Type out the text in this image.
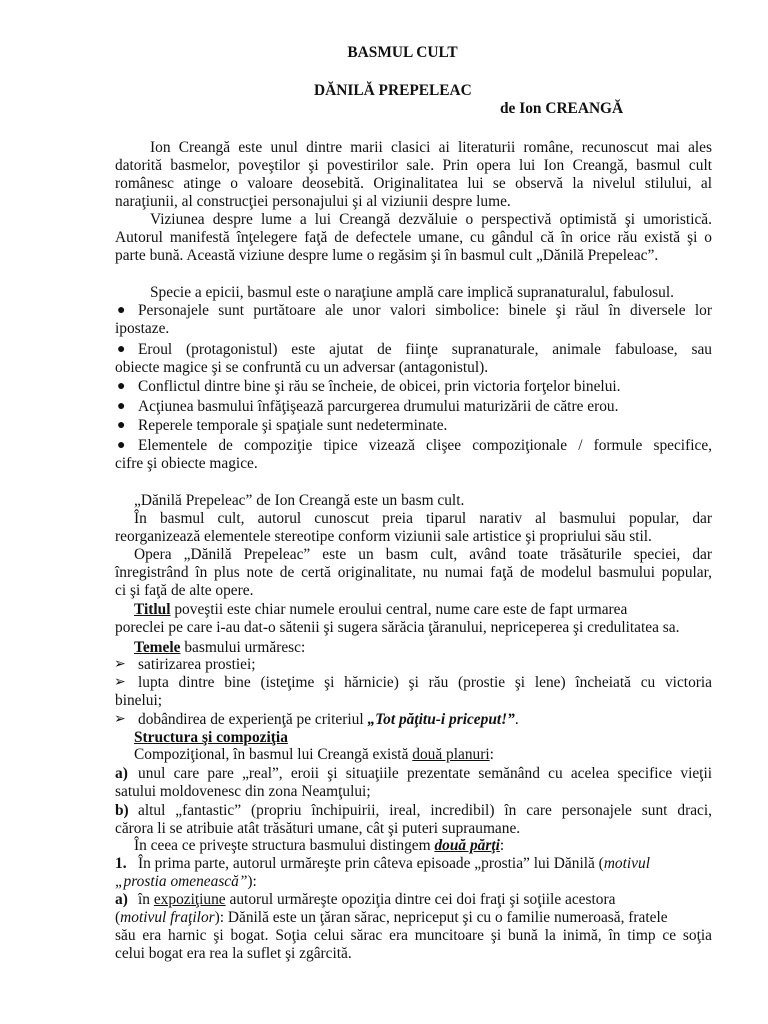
BASMUL CULT
DĂNILĂ PREPELEAC
de Ion CREANGĂ
Ion Creangă este unul dintre marii clasici ai literaturii române, recunoscut mai ales
datorită basmelor, poveştilor şi povestirilor sale. Prin opera lui Ion Creangă, basmul cult
românesc atinge o valoare deosebită. Originalitatea lui se observă la nivelul stilului, al
naraţiunii, al construcţiei personajului şi al viziunii despre lume.
Viziunea despre lume a lui Creangă dezvăluie o perspectivă optimistă şi umoristică.
Autorul manifestă înţelegere faţă de defectele umane, cu gândul că în orice rău există şi o
parte bună. Această viziune despre lume o regăsim şi în basmul cult „Dănilă Prepeleac”.
Specie a epicii, basmul este o naraţiune amplă care implică supranaturalul, fabulosul.
● Personajele sunt purtătoare ale unor valori simbolice: binele şi răul în diversele lor
ipostaze.
● Eroul (protagonistul) este ajutat de fiinţe supranaturale, animale fabuloase, sau
obiecte magice şi se confruntă cu un adversar (antagonistul).
● Conflictul dintre bine şi rău se încheie, de obicei, prin victoria forţelor binelui.
● Acţiunea basmului înfăţişează parcurgerea drumului maturizării de către erou.
● Reperele temporale şi spaţiale sunt nedeterminate.
● Elementele de compoziţie tipice vizează clişee compoziţionale / formule specifice,
cifre şi obiecte magice.
„Dănilă Prepeleac” de Ion Creangă este un basm cult.
În basmul cult, autorul cunoscut preia tiparul narativ al basmului popular, dar
reorganizează elementele stereotipe conform viziunii sale artistice şi propriului său stil.
Opera „Dănilă Prepeleac” este un basm cult, având toate trăsăturile speciei, dar
înregistrând în plus note de certă originalitate, nu numai faţă de modelul basmului popular,
ci şi faţă de alte opere.
Titlul poveştii este chiar numele eroului central, nume care este de fapt urmarea
poreclei pe care i-au dat-o sătenii şi sugera sărăcia ţăranului, nepriceperea şi credulitatea sa.
Temele basmului urmăresc:
➢ satirizarea prostiei;
➢ lupta dintre bine (isteţime şi hărnicie) şi rău (prostie şi lene) încheiată cu victoria
binelui;
➢ dobândirea de experienţă pe criteriul „Tot păţitu-i priceput!”.
Structura şi compoziţia
Compoziţional, în basmul lui Creangă există două planuri:
a) unul care pare „real”, eroii şi situaţiile prezentate semănând cu acelea specifice vieţii
satului moldovenesc din zona Neamţului;
b) altul „fantastic” (propriu închipuirii, ireal, incredibil) în care personajele sunt draci,
cărora li se atribuie atât trăsături umane, cât şi puteri supraumane.
În ceea ce priveşte structura basmului distingem două părţi:
1. În prima parte, autorul urmăreşte prin câteva episoade „prostia” lui Dănilă (motivul
„prostia omenească”):
a) în expoziţiune autorul urmăreşte opoziţia dintre cei doi fraţi şi soţiile acestora
(motivul fraţilor): Dănilă este un ţăran sărac, nepriceput şi cu o familie numeroasă, fratele
său era harnic şi bogat. Soţia celui sărac era muncitoare şi bună la inimă, în timp ce soţia
celui bogat era rea la suflet şi zgârcită.
